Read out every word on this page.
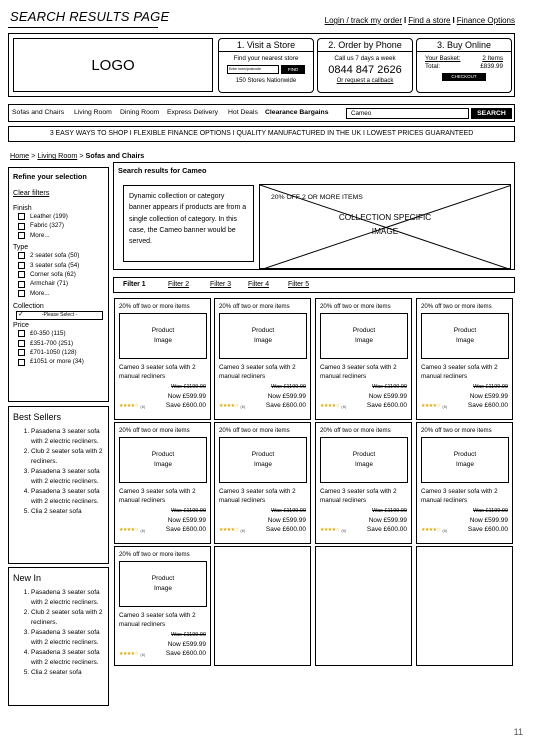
SEARCH RESULTS PAGE	Login / track my order I Find a store I Finance Options
LOGO
1. Visit a Store
Find your nearest store
Enter town/postcode	FIND
150 Stores Nationwide
2. Order by Phone
Call us 7 days a week
0844 847 2626
Or request a callback
3. Buy Online
Your Basket:	2 Items
Total:	£839.99
CHECKOUT
Sofas and Chairs Living Room Dining Room Express Delivery Hot Deals Clearance Bargains	Cameo	SEARCH
3 EASY WAYS TO SHOP I FLEXIBLE FINANCE OPTIONS I QUALITY MANUFACTURED IN THE UK I LOWEST PRICES GUARANTEED
Home > Living Room > Sofas and Chairs
Refine your selection
Clear filters
Finish
Leather (199)
Fabric (327)
More...
Type
2 seater sofa (50)
3 seater sofa (54)
Corner sofa (62)
Armchair (71)
More...
Collection
✓	-Please Select -
Price
£0-350 (115)
£351-700 (251)
£701-1050 (128)
£1051 or more (34)
Best Sellers
1. Pasadena 3 seater sofa with 2 electric recliners.
2. Club 2 seater sofa with 2 recliners.
3. Pasadena 3 seater sofa with 2 electric recliners.
4. Pasadena 3 seater sofa with 2 electric recliners.
5. Clia 2 seater sofa
New In
1. Pasadena 3 seater sofa with 2 electric recliners.
2. Club 2 seater sofa with 2 recliners.
3. Pasadena 3 seater sofa with 2 electric recliners.
4. Pasadena 3 seater sofa with 2 electric recliners.
5. Clia 2 seater sofa
Search results for Cameo
Dynamic collection or category banner appears if products are from a single collection of category. In this case, the Cameo banner would be served.
20% OFF 2 OR MORE ITEMS
COLLECTION SPECIFIC
IMAGE
Filter 1	Filter 2	Filter 3 Filter 4	Filter 5
20% off two or more items
Product
Image
Cameo 3 seater sofa with 2 manual recliners
Was £1199.99
Now £599.99
Save £600.00
★★★★☆ (6)
20% off two or more items
Product
Image
Cameo 3 seater sofa with 2 manual recliners
Was £1199.99
Now £599.99
Save £600.00
★★★★☆ (6)
20% off two or more items
Product
Image
Cameo 3 seater sofa with 2 manual recliners
Was £1199.99
Now £599.99
Save £600.00
★★★★☆ (6)
20% off two or more items
Product
Image
Cameo 3 seater sofa with 2 manual recliners
Was £1199.99
Now £599.99
Save £600.00
★★★★☆ (6)
20% off two or more items
Product
Image
Cameo 3 seater sofa with 2 manual recliners
Was £1199.99
Now £599.99
Save £600.00
★★★★☆ (6)
20% off two or more items
Product
Image
Cameo 3 seater sofa with 2 manual recliners
Was £1199.99
Now £599.99
Save £600.00
★★★★☆ (6)
20% off two or more items
Product
Image
Cameo 3 seater sofa with 2 manual recliners
Was £1199.99
Now £599.99
Save £600.00
★★★★☆ (6)
20% off two or more items
Product
Image
Cameo 3 seater sofa with 2 manual recliners
Was £1199.99
Now £599.99
Save £600.00
★★★★☆ (6)
20% off two or more items
Product
Image
Cameo 3 seater sofa with 2 manual recliners
Was £1199.99
Now £599.99
Save £600.00
★★★★☆ (6)
11
